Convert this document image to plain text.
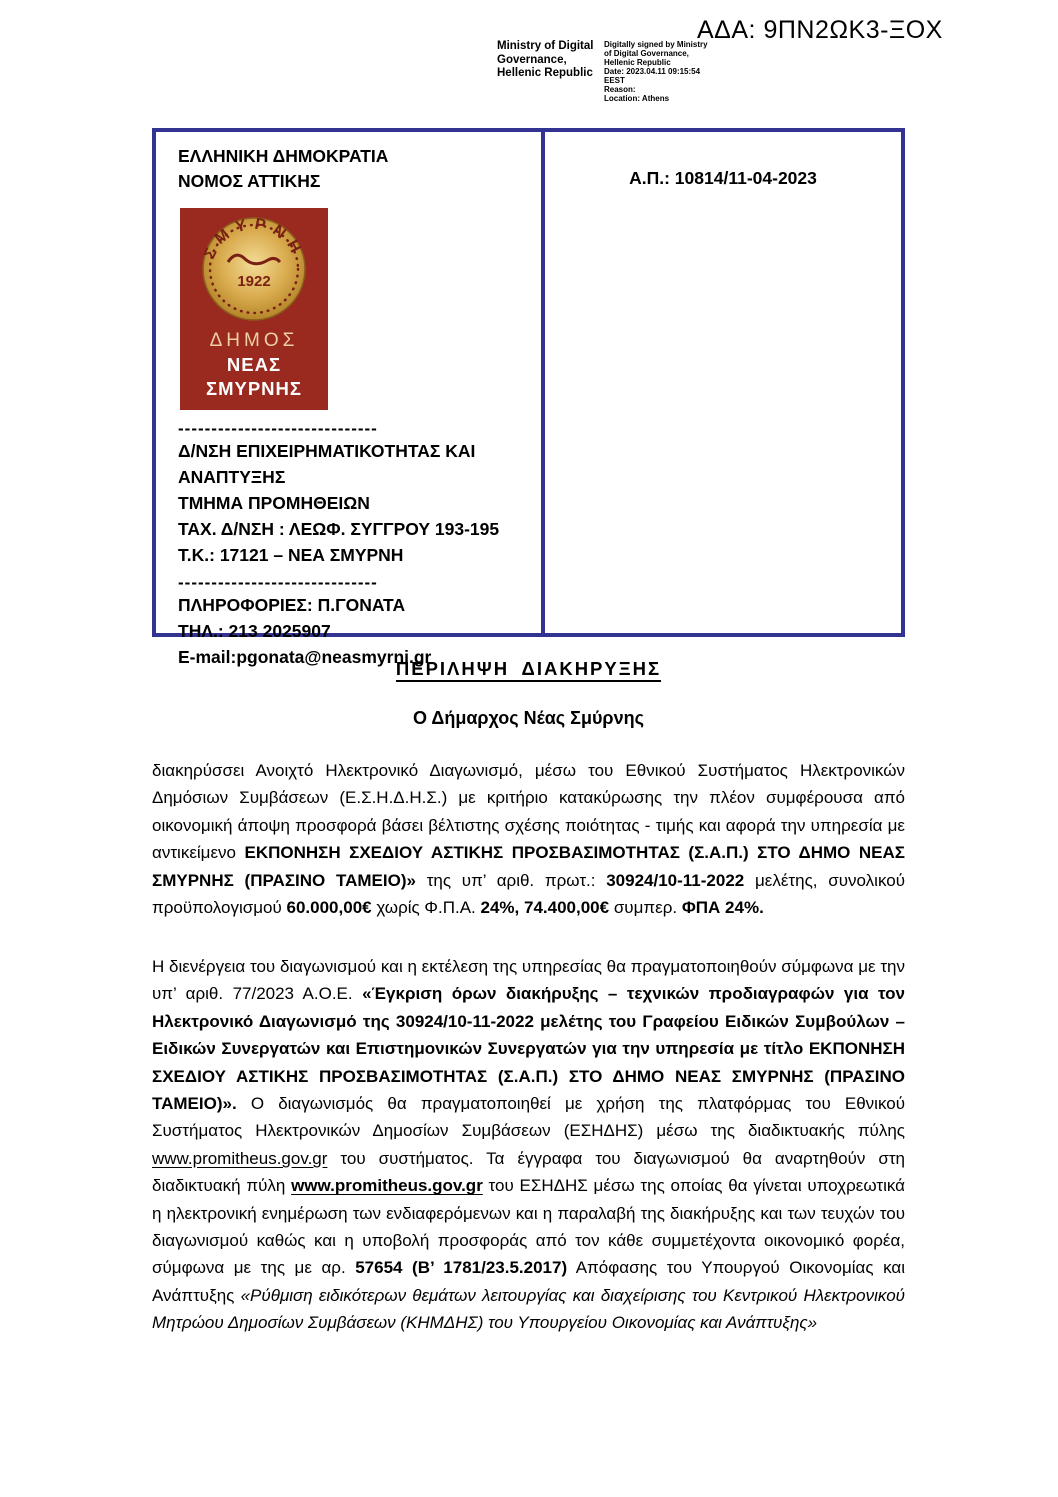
ΑΔΑ: 9ΠΝ2ΩΚ3-ΞΟΧ
Ministry of Digital
Governance,
Hellenic Republic
Digitally signed by Ministry
of Digital Governance,
Hellenic Republic
Date: 2023.04.11 09:15:54
EEST
Reason:
Location: Athens
ΕΛΛΗΝΙΚΗ ΔΗΜΟΚΡΑΤΙΑ
ΝΟΜΟΣ ΑΤΤΙΚΗΣ
ΣΜΥΡΝΗ
1922
ΔΗΜΟΣ
ΝΕΑΣ ΣΜΥΡΝΗΣ
------------------------------
Δ/ΝΣΗ ΕΠΙΧΕΙΡΗΜΑΤΙΚΟΤΗΤΑΣ ΚΑΙ
ΑΝΑΠΤΥΞΗΣ
ΤΜΗΜΑ ΠΡΟΜΗΘΕΙΩΝ
ΤΑΧ. Δ/ΝΣΗ : ΛΕΩΦ. ΣΥΓΓΡΟΥ 193-195
Τ.Κ.: 17121 – ΝΕΑ ΣΜΥΡΝΗ
------------------------------
ΠΛΗΡΟΦΟΡΙΕΣ: Π.ΓΟΝΑΤΑ
ΤΗΛ.: 213 2025907
E-mail:pgonata@neasmyrni.gr
Α.Π.: 10814/11-04-2023
ΠΕΡΙΛΗΨΗ ΔΙΑΚΗΡΥΞΗΣ
Ο Δήμαρχος Νέας Σμύρνης
διακηρύσσει Ανοιχτό Ηλεκτρονικό Διαγωνισμό, μέσω του Εθνικού Συστήματος Ηλεκτρονικών Δημόσιων Συμβάσεων (Ε.Σ.Η.Δ.Η.Σ.) με κριτήριο κατακύρωσης την πλέον συμφέρουσα από οικονομική άποψη προσφορά βάσει βέλτιστης σχέσης ποιότητας - τιμής και αφορά την υπηρεσία με αντικείμενο ΕΚΠΟΝΗΣΗ ΣΧΕΔΙΟΥ ΑΣΤΙΚΗΣ ΠΡΟΣΒΑΣΙΜΟΤΗΤΑΣ (Σ.Α.Π.) ΣΤΟ ΔΗΜΟ ΝΕΑΣ ΣΜΥΡΝΗΣ (ΠΡΑΣΙΝΟ ΤΑΜΕΙΟ)» της υπ’ αριθ. πρωτ.: 30924/10-11-2022 μελέτης, συνολικού προϋπολογισμού 60.000,00€ χωρίς Φ.Π.Α. 24%, 74.400,00€ συμπερ. ΦΠΑ 24%.
Η διενέργεια του διαγωνισμού και η εκτέλεση της υπηρεσίας θα πραγματοποιηθούν σύμφωνα με την υπ’ αριθ. 77/2023 Α.Ο.Ε. «Έγκριση όρων διακήρυξης – τεχνικών προδιαγραφών για τον Ηλεκτρονικό Διαγωνισμό της 30924/10-11-2022 μελέτης του Γραφείου Ειδικών Συμβούλων – Ειδικών Συνεργατών και Επιστημονικών Συνεργατών για την υπηρεσία με τίτλο ΕΚΠΟΝΗΣΗ ΣΧΕΔΙΟΥ ΑΣΤΙΚΗΣ ΠΡΟΣΒΑΣΙΜΟΤΗΤΑΣ (Σ.Α.Π.) ΣΤΟ ΔΗΜΟ ΝΕΑΣ ΣΜΥΡΝΗΣ (ΠΡΑΣΙΝΟ ΤΑΜΕΙΟ)». Ο διαγωνισμός θα πραγματοποιηθεί με χρήση της πλατφόρμας του Εθνικού Συστήματος Ηλεκτρονικών Δημοσίων Συμβάσεων (ΕΣΗΔΗΣ) μέσω της διαδικτυακής πύλης www.promitheus.gov.gr του συστήματος. Τα έγγραφα του διαγωνισμού θα αναρτηθούν στη διαδικτυακή πύλη www.promitheus.gov.gr του ΕΣΗΔΗΣ μέσω της οποίας θα γίνεται υποχρεωτικά η ηλεκτρονική ενημέρωση των ενδιαφερόμενων και η παραλαβή της διακήρυξης και των τευχών του διαγωνισμού καθώς και η υποβολή προσφοράς από τον κάθε συμμετέχοντα οικονομικό φορέα, σύμφωνα με της με αρ. 57654 (Β’ 1781/23.5.2017) Απόφασης του Υπουργού Οικονομίας και Ανάπτυξης «Ρύθμιση ειδικότερων θεμάτων λειτουργίας και διαχείρισης του Κεντρικού Ηλεκτρονικού Μητρώου Δημοσίων Συμβάσεων (ΚΗΜΔΗΣ) του Υπουργείου Οικονομίας και Ανάπτυξης»
